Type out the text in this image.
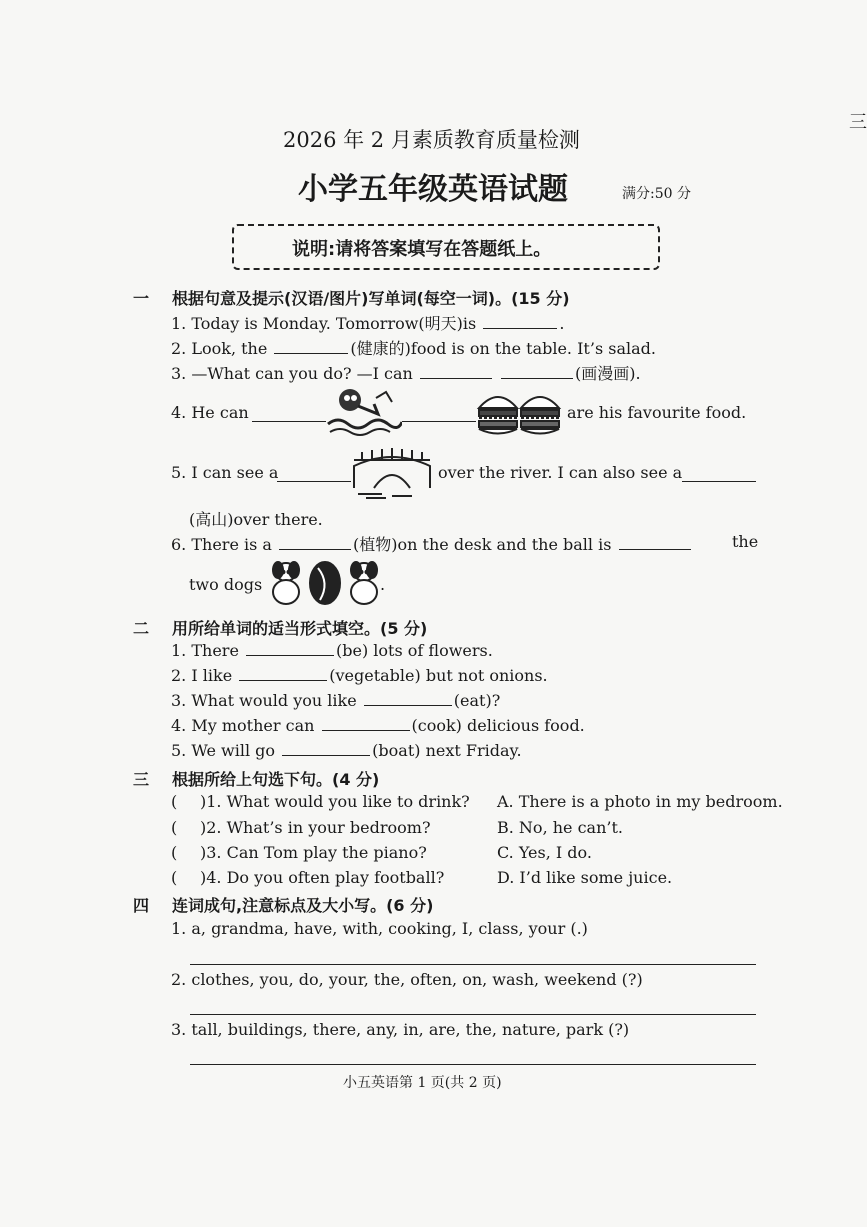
三
2026 年 2 月素质教育质量检测
小学五年级英语试题	满分:50 分
说明:请将答案填写在答题纸上。
一 根据句意及提示(汉语/图片)写单词(每空一词)。(15 分)
1. Today is Monday. Tomorrow(明天)is	.
2. Look, the	(健康的)food is on the table. It’s salad.
3. —What can you do? —I can	(画漫画).
4. He can	are his favourite food.
5. I can see a	over the river. I can also see a
(高山)over there.
6. There is a	(植物)on the desk and the ball is	the
two dogs	.
二 用所给单词的适当形式填空。(5 分)
1. There	(be) lots of flowers.
2. I like	(vegetable) but not onions.
3. What would you like	(eat)?
4. My mother can	(cook) delicious food.
5. We will go	(boat) next Friday.
三 根据所给上句选下句。(4 分)
( )1. What would you like to drink? A. There is a photo in my bedroom.
( )2. What’s in your bedroom?	B. No, he can’t.
( )3. Can Tom play the piano?	C. Yes, I do.
( )4. Do you often play football?	D. I’d like some juice.
四 连词成句,注意标点及大小写。(6 分)
1. a, grandma, have, with, cooking, I, class, your (.)
2. clothes, you, do, your, the, often, on, wash, weekend (?)
3. tall, buildings, there, any, in, are, the, nature, park (?)
小五英语第 1 页(共 2 页)
